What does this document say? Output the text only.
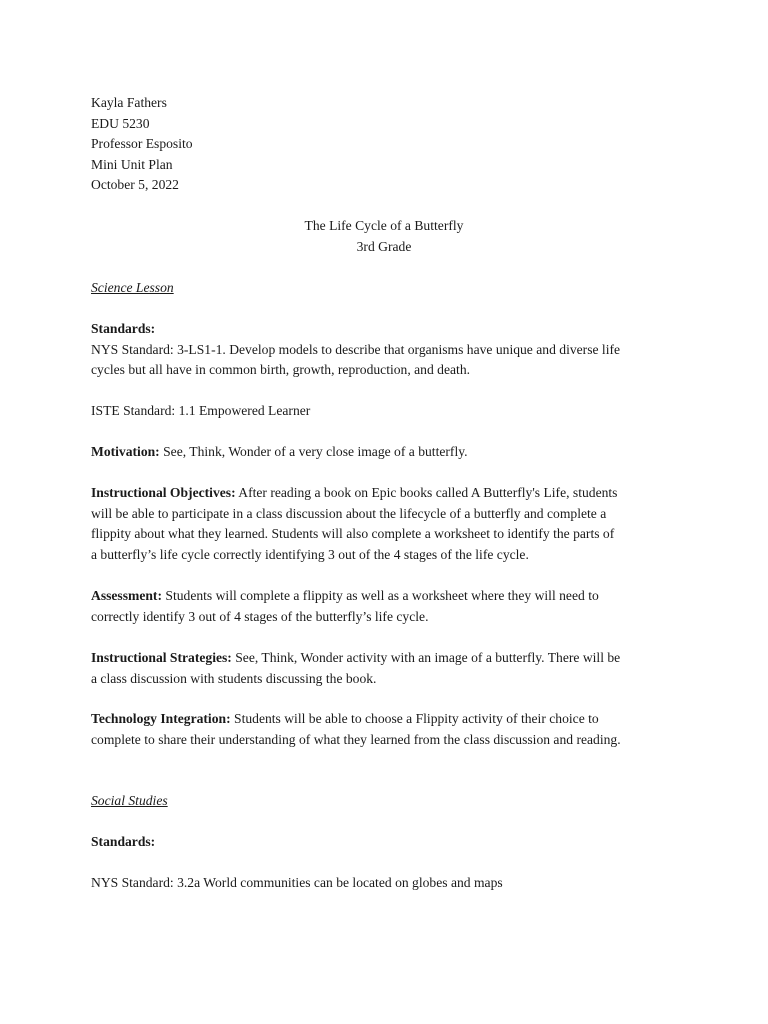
Kayla Fathers
EDU 5230
Professor Esposito
Mini Unit Plan
October 5, 2022
The Life Cycle of a Butterfly
3rd Grade
Science Lesson
Standards:
NYS Standard: 3-LS1-1. Develop models to describe that organisms have unique and diverse life
cycles but all have in common birth, growth, reproduction, and death.
ISTE Standard: 1.1 Empowered Learner
Motivation: See, Think, Wonder of a very close image of a butterfly.
Instructional Objectives: After reading a book on Epic books called A Butterfly's Life, students
will be able to participate in a class discussion about the lifecycle of a butterfly and complete a
flippity about what they learned. Students will also complete a worksheet to identify the parts of
a butterfly’s life cycle correctly identifying 3 out of the 4 stages of the life cycle.
Assessment: Students will complete a flippity as well as a worksheet where they will need to
correctly identify 3 out of 4 stages of the butterfly’s life cycle.
Instructional Strategies: See, Think, Wonder activity with an image of a butterfly. There will be
a class discussion with students discussing the book.
Technology Integration: Students will be able to choose a Flippity activity of their choice to
complete to share their understanding of what they learned from the class discussion and reading.
Social Studies
Standards:
NYS Standard: 3.2a World communities can be located on globes and maps
